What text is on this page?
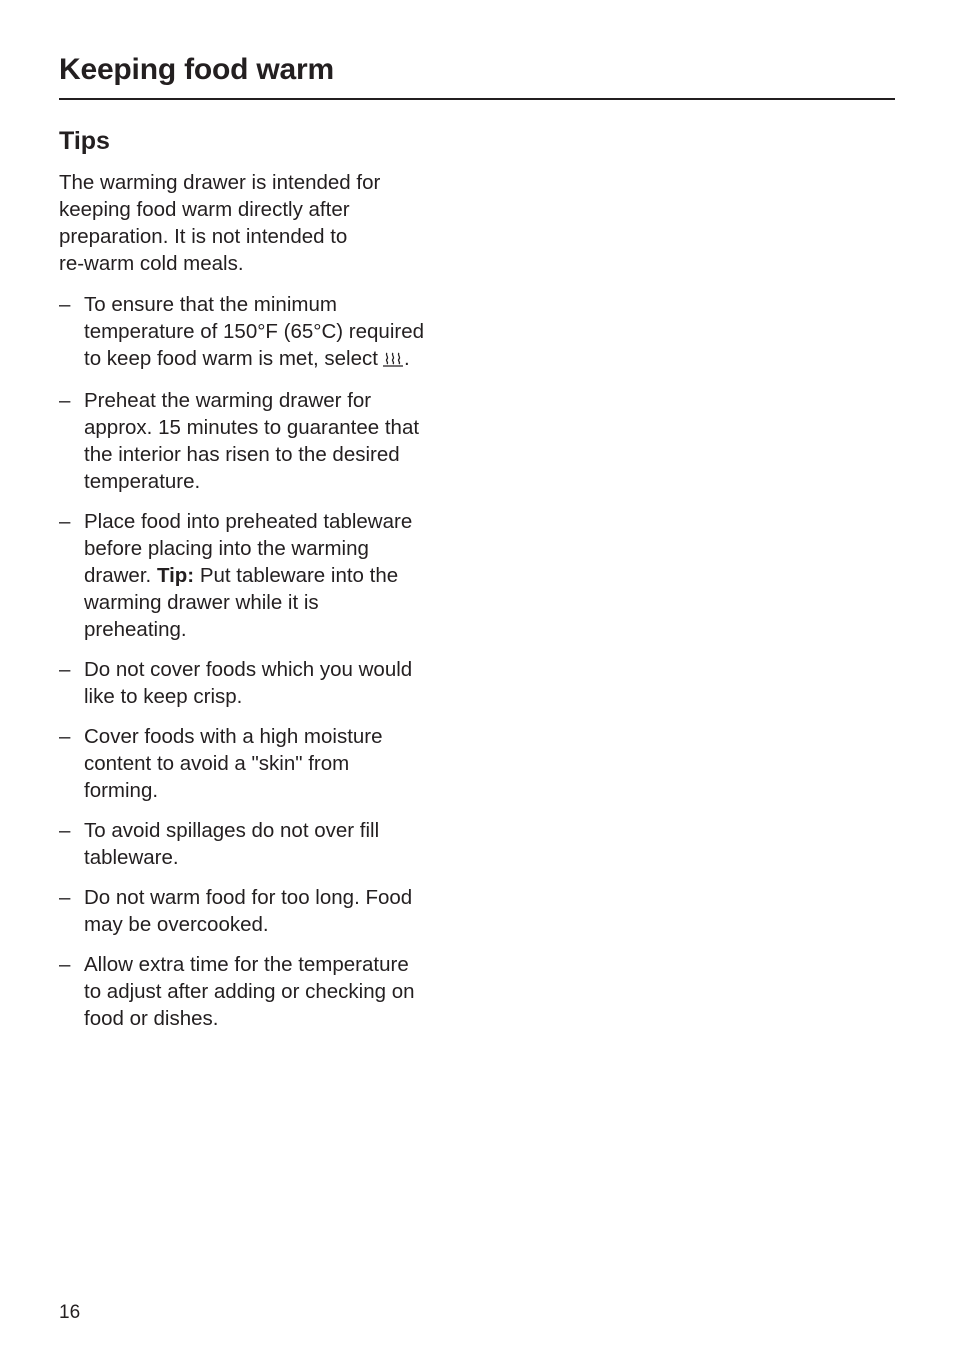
Keeping food warm
Tips

The warming drawer is intended for
keeping food warm directly after
preparation. It is not intended to
re-warm cold meals.

– To ensure that the minimum
temperature of 150°F (65°C) required
to keep food warm is met, select .
– Preheat the warming drawer for
approx. 15 minutes to guarantee that
the interior has risen to the desired
temperature.
– Place food into preheated tableware
before placing into the warming
drawer. Tip: Put tableware into the
warming drawer while it is
preheating.
– Do not cover foods which you would
like to keep crisp.
– Cover foods with a high moisture
content to avoid a "skin" from
forming.
– To avoid spillages do not over fill
tableware.
– Do not warm food for too long. Food
may be overcooked.
– Allow extra time for the temperature
to adjust after adding or checking on
food or dishes.
16
